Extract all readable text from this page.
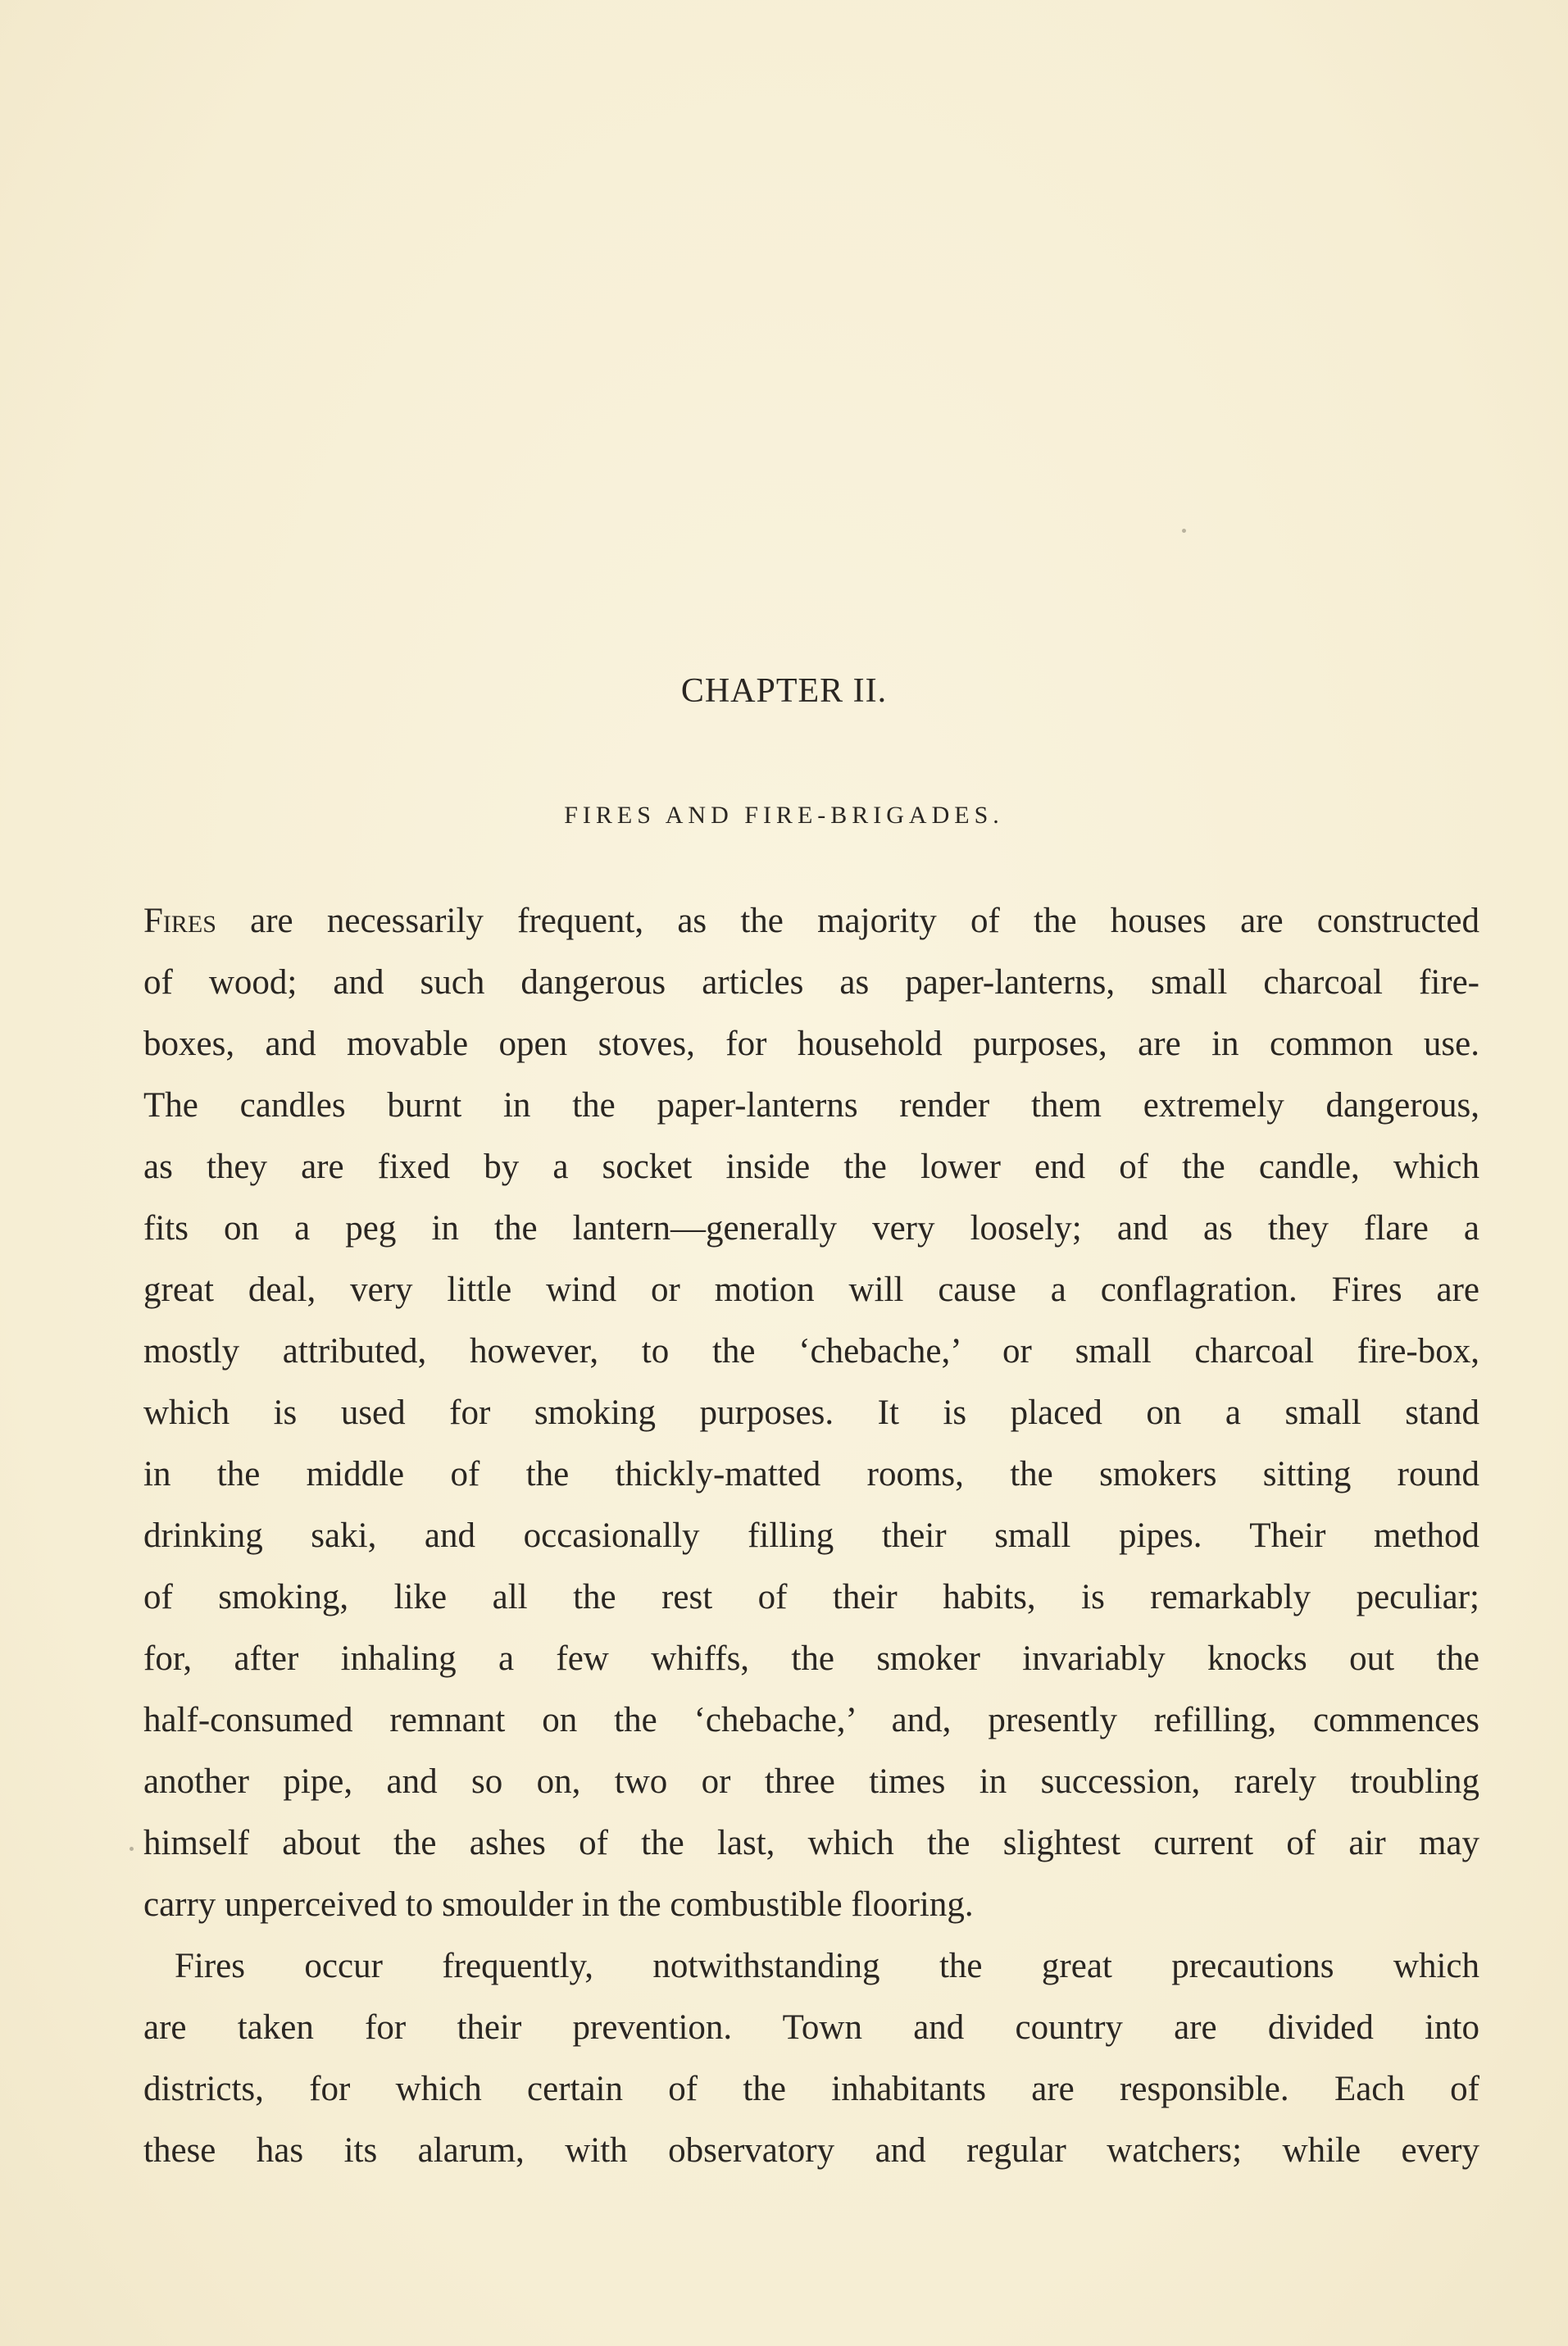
CHAPTER II.
FIRES AND FIRE-BRIGADES.
Fires are necessarily frequent, as the majority of the houses are constructed
of wood; and such dangerous articles as paper-lanterns, small charcoal fire-
boxes, and movable open stoves, for household purposes, are in common use.
The candles burnt in the paper-lanterns render them extremely dangerous,
as they are fixed by a socket inside the lower end of the candle, which
fits on a peg in the lantern—generally very loosely; and as they flare a
great deal, very little wind or motion will cause a conflagration. Fires are
mostly attributed, however, to the ‘chebache,’ or small charcoal fire-box,
which is used for smoking purposes. It is placed on a small stand
in the middle of the thickly-matted rooms, the smokers sitting round
drinking saki, and occasionally filling their small pipes. Their method
of smoking, like all the rest of their habits, is remarkably peculiar;
for, after inhaling a few whiffs, the smoker invariably knocks out the
half-consumed remnant on the ‘chebache,’ and, presently refilling, commences
another pipe, and so on, two or three times in succession, rarely troubling
himself about the ashes of the last, which the slightest current of air may
carry unperceived to smoulder in the combustible flooring.
Fires occur frequently, notwithstanding the great precautions which
are taken for their prevention. Town and country are divided into
districts, for which certain of the inhabitants are responsible. Each of
these has its alarum, with observatory and regular watchers; while every
